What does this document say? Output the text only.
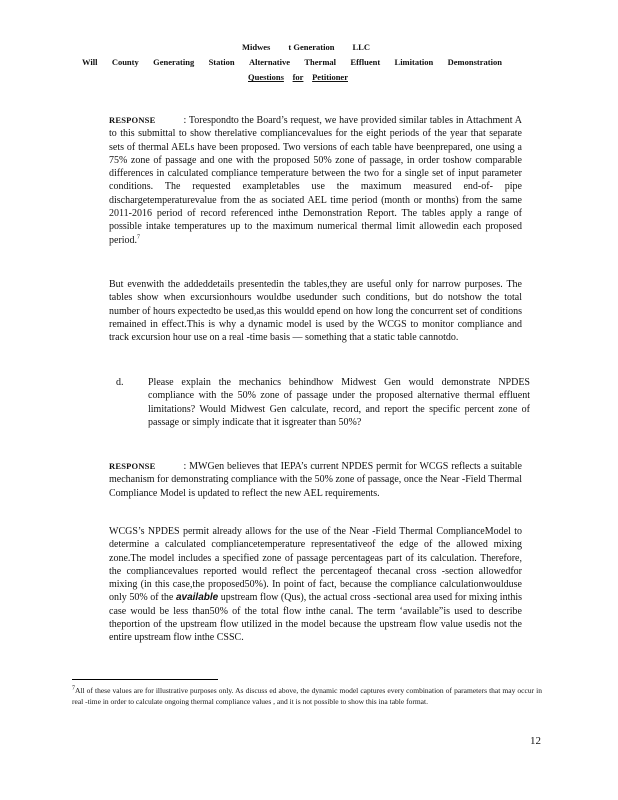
Midwes t Generation LLC
Will County Generating Station Alternative Thermal Effluent Limitation Demonstration
Questions for Petitioner
RESPONSE	: Torespondto the Board’s request, we have provided similar tables in Attachment A to this submittal to show therelative compliancevalues for the eight periods of the year that separate sets of thermal AELs have been proposed. Two versions of each table have beenprepared, one using a 75% zone of passage and one with the proposed 50% zone of passage, in order toshow comparable differences in calculated compliance temperature between the two for a single set of input parameter conditions. The requested exampletables use the maximum measured end-of- pipe dischargetemperaturevalue from the as sociated AEL time period (month or months) from the same 2011-2016 period of record referenced inthe Demonstration Report. The tables apply a range of possible intake temperatures up to the maximum numerical thermal limit allowedin each proposed period.$^7$
But evenwith the addeddetails presentedin the tables,they are useful only for narrow purposes. The tables show when excursionhours wouldbe usedunder such conditions, but do notshow the total number of hours expectedto be used,as this wouldd epend on how long the concurrent set of conditions remained in effect.This is why a dynamic model is used by the WCGS to monitor compliance and track excursion hour use on a real -time basis — something that a static table cannotdo.
d. Please explain the mechanics behindhow Midwest Gen would demonstrate NPDES compliance with the 50% zone of passage under the proposed alternative thermal effluent limitations? Would Midwest Gen calculate, record, and report the specific percent zone of passage or simply indicate that it isgreater than 50%?
RESPONSE	: MWGen believes that IEPA’s current NPDES permit for WCGS reflects a suitable mechanism for demonstrating compliance with the 50% zone of passage, once the Near -Field Thermal Compliance Model is updated to reflect the new AEL requirements.
WCGS’s NPDES permit already allows for the use of the Near -Field Thermal ComplianceModel to determine a calculated compliancetemperature representativeof the edge of the allowed mixing zone.The model includes a specified zone of passage percentageas part of its calculation. Therefore, the compliancevalues reported would reflect the percentageof thecanal cross -section allowedfor mixing (in this case,the proposed50%). In point of fact, because the compliance calculationwoulduse only 50% of the available upstream flow (Qus), the actual cross -sectional area used for mixing inthis case would be less than50% of the total flow inthe canal. The term ‘available”is used to describe theportion of the upstream flow utilized in the model because the upstream flow value usedis not the entire upstream flow inthe CSSC.
$^7$All of these values are for illustrative purposes only. As discuss ed above, the dynamic model captures every combination of parameters that may occur in real -time in order to calculate ongoing thermal compliance values , and it is not possible to show this ina table format.
12
